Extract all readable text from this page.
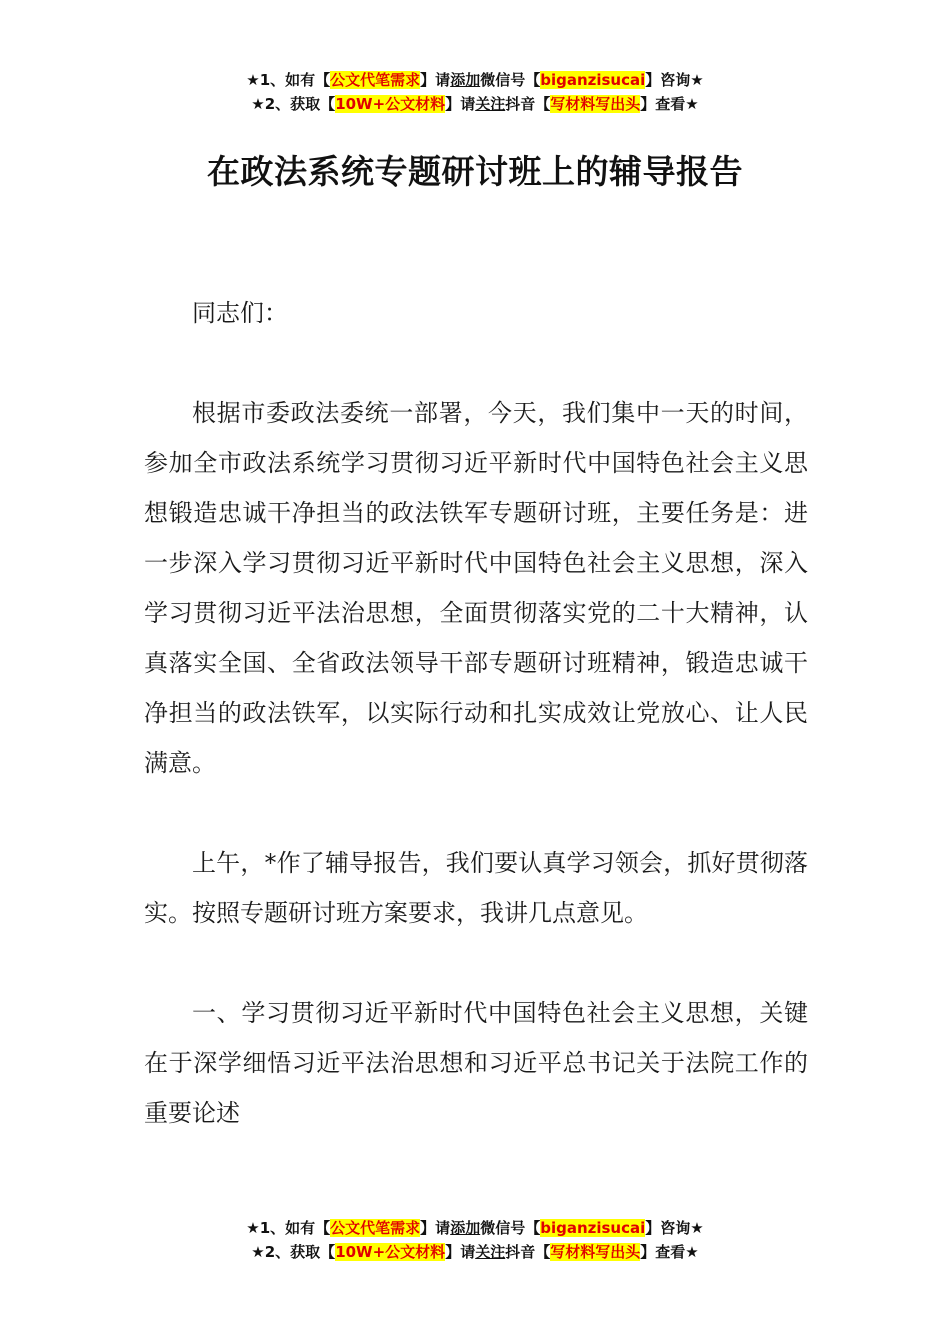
★1、如有【公文代笔需求】请添加微信号【biganzisucai】咨询★
★2、获取【10W+公文材料】请关注抖音【写材料写出头】查看★
在政法系统专题研讨班上的辅导报告

同志们：

根据市委政法委统一部署，今天，我们集中一天的时间，参加全市政法系统学习贯彻习近平新时代中国特色社会主义思想锻造忠诚干净担当的政法铁军专题研讨班，主要任务是：进一步深入学习贯彻习近平新时代中国特色社会主义思想，深入学习贯彻习近平法治思想，全面贯彻落实党的二十大精神，认真落实全国、全省政法领导干部专题研讨班精神，锻造忠诚干净担当的政法铁军，以实际行动和扎实成效让党放心、让人民满意。

上午，*作了辅导报告，我们要认真学习领会，抓好贯彻落实。按照专题研讨班方案要求，我讲几点意见。

一、学习贯彻习近平新时代中国特色社会主义思想，关键在于深学细悟习近平法治思想和习近平总书记关于法院工作的重要论述

★1、如有【公文代笔需求】请添加微信号【biganzisucai】咨询★
★2、获取【10W+公文材料】请关注抖音【写材料写出头】查看★
